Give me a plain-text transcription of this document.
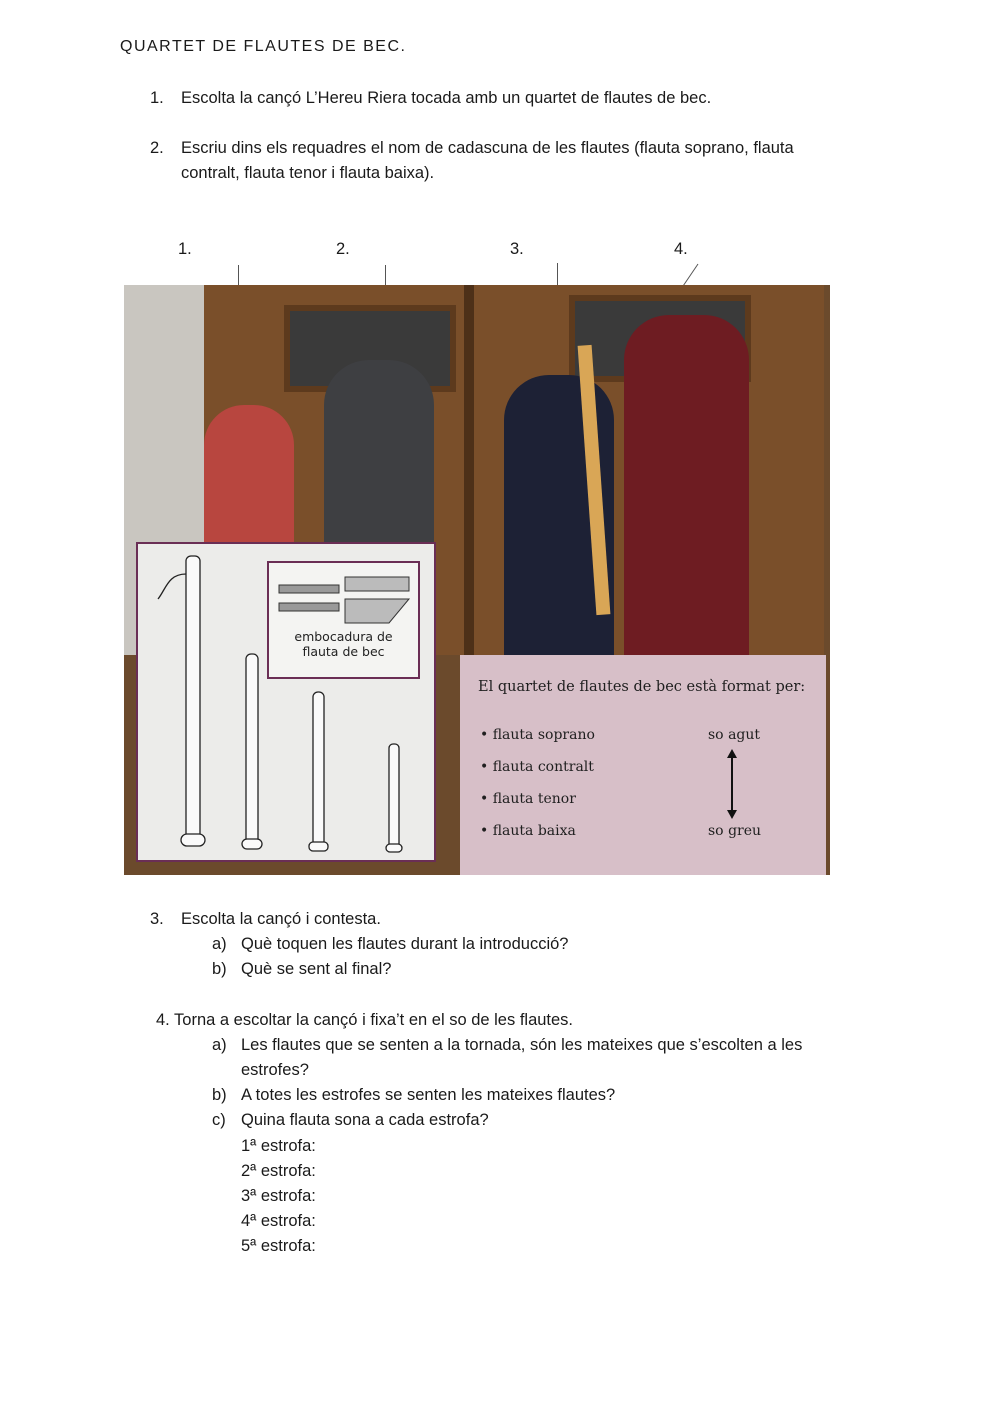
QUARTET DE FLAUTES DE BEC.
1.	Escolta la cançó L’Hereu Riera tocada amb un quartet de flautes de bec.
2.	Escriu dins els requadres el nom de cadascuna de les flautes (flauta soprano, flauta
contralt, flauta tenor i flauta baixa).
1.	2.	3.	4.
embocadura de
flauta de bec
El quartet de flautes de bec està format per:
• flauta soprano
• flauta contralt
• flauta tenor
• flauta baixa
so agut
so greu
3.	Escolta la cançó i contesta.
a) Què toquen les flautes durant la introducció?
b) Què se sent al final?
4. Torna a escoltar la cançó i fixa’t en el so de les flautes.
a) Les flautes que se senten a la tornada, són les mateixes que s’escolten a les
estrofes?
b) A totes les estrofes se senten les mateixes flautes?
c) Quina flauta sona a cada estrofa?
1ª estrofa:
2ª estrofa:
3ª estrofa:
4ª estrofa:
5ª estrofa:
